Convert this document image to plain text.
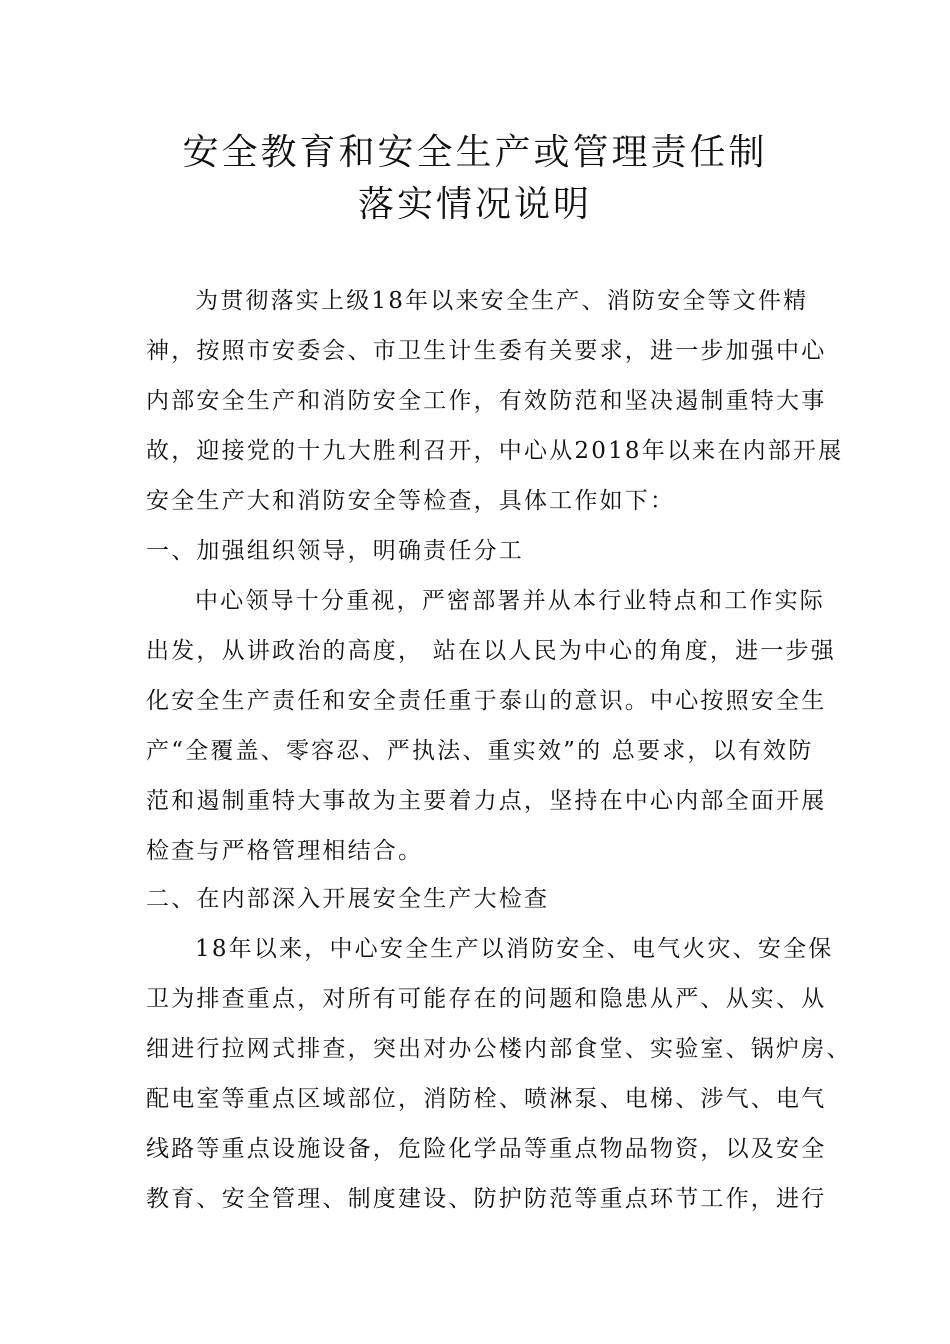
安全教育和安全生产或管理责任制
落实情况说明
为贯彻落实上级18年以来安全生产、消防安全等文件精
神，按照市安委会、市卫生计生委有关要求，进一步加强中心
内部安全生产和消防安全工作，有效防范和坚决遏制重特大事
故，迎接党的十九大胜利召开，中心从2018年以来在内部开展
安全生产大和消防安全等检查，具体工作如下：
一、加强组织领导，明确责任分工
中心领导十分重视，严密部署并从本行业特点和工作实际
出发，从讲政治的高度， 站在以人民为中心的角度，进一步强
化安全生产责任和安全责任重于泰山的意识。中心按照安全生
产“全覆盖、零容忍、严执法、重实效”的 总要求，以有效防
范和遏制重特大事故为主要着力点，坚持在中心内部全面开展
检查与严格管理相结合。
二、在内部深入开展安全生产大检查
18年以来，中心安全生产以消防安全、电气火灾、安全保
卫为排查重点，对所有可能存在的问题和隐患从严、从实、从
细进行拉网式排查，突出对办公楼内部食堂、实验室、锅炉房、
配电室等重点区域部位，消防栓、喷淋泵、电梯、涉气、电气
线路等重点设施设备，危险化学品等重点物品物资，以及安全
教育、安全管理、制度建设、防护防范等重点环节工作，进行
